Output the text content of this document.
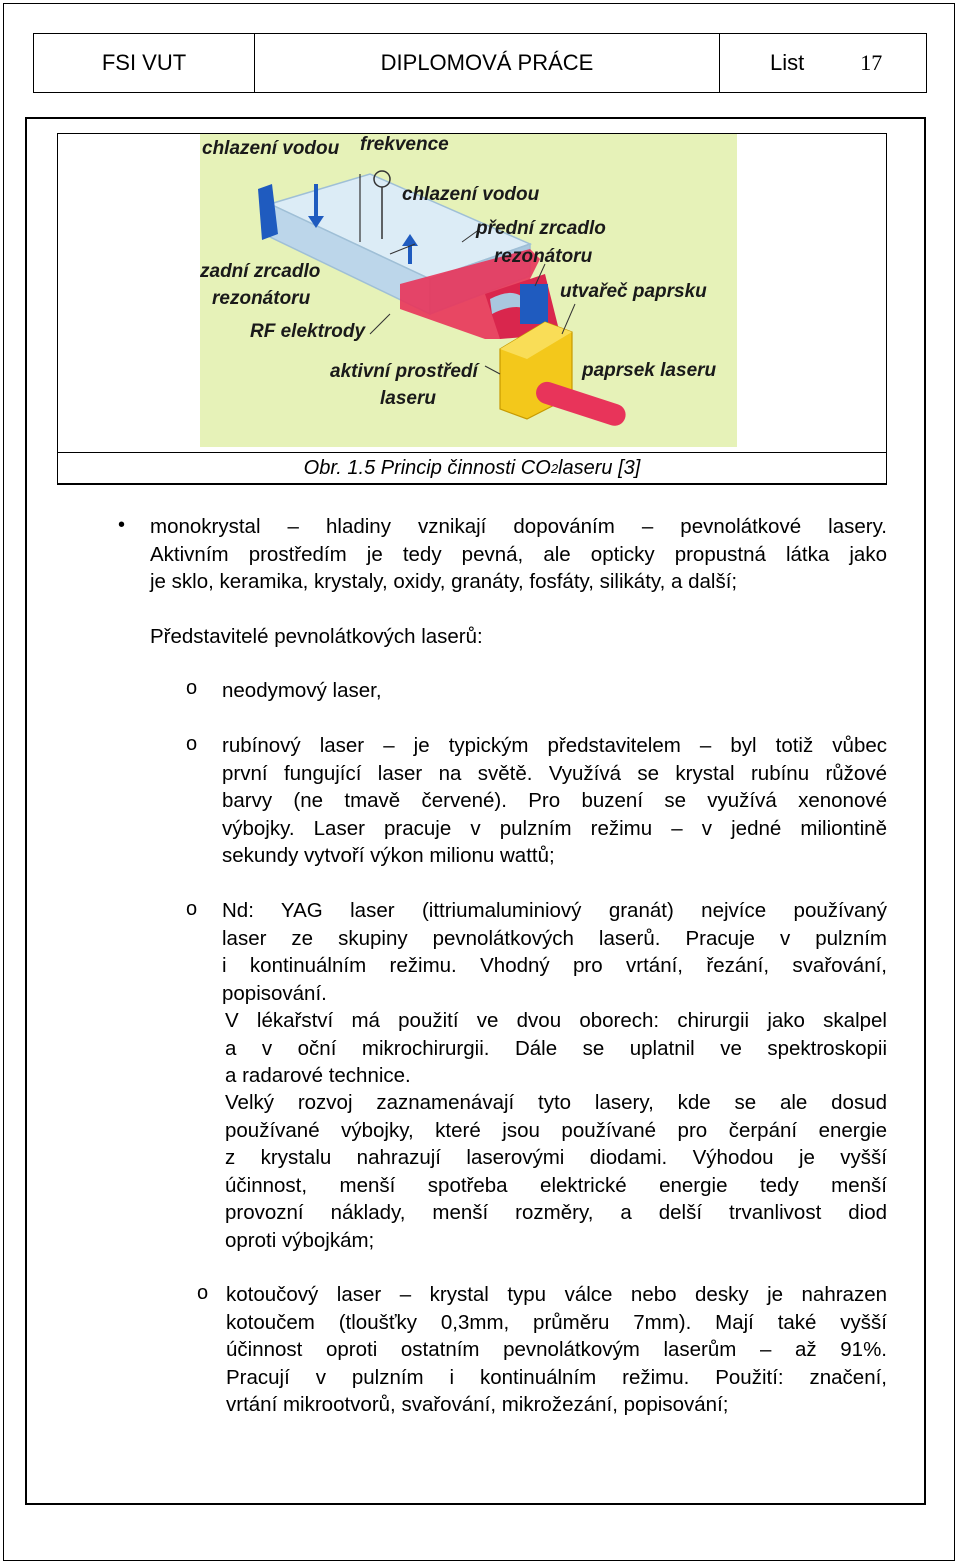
FSI VUT	DIPLOMOVÁ PRÁCE	List	17
chlazení vodou frekvence
chlazení vodou
přední zrcadlo
rezonátoru
zadní zrcadlo
rezonátoru	utvařeč paprsku
RF elektrody
aktivní prostředí
laseru
paprsek laseru
Obr. 1.5 Princip činnosti CO 2 laseru [3]
• monokrystal – hladiny vznikají dopováním – pevnolátkové lasery.
Aktivním prostředím je tedy pevná, ale opticky propustná látka jako
je sklo, keramika, krystaly, oxidy, granáty, fosfáty, silikáty, a další;
Představitelé pevnolátkových laserů:
o neodymový laser,
o rubínový laser – je typickým představitelem – byl totiž vůbec
první fungující laser na světě. Využívá se krystal rubínu růžové
barvy (ne tmavě červené). Pro buzení se využívá xenonové
výbojky. Laser pracuje v pulzním režimu – v jedné miliontině
sekundy vytvoří výkon milionu wattů;
o Nd: YAG laser (ittriumaluminiový granát) nejvíce používaný
laser ze skupiny pevnolátkových laserů. Pracuje v pulzním
i kontinuálním režimu. Vhodný pro vrtání, řezání, svařování,
popisování.
V lékařství má použití ve dvou oborech: chirurgii jako skalpel
a v oční mikrochirurgii. Dále se uplatnil ve spektroskopii
a radarové technice.
Velký rozvoj zaznamenávají tyto lasery, kde se ale dosud
používané výbojky, které jsou používané pro čerpání energie
z krystalu nahrazují laserovými diodami. Výhodou je vyšší
účinnost, menší spotřeba elektrické energie tedy menší
provozní náklady, menší rozměry, a delší trvanlivost diod
oproti výbojkám;
o kotoučový laser – krystal typu válce nebo desky je nahrazen
kotoučem (tloušťky 0,3mm, průměru 7mm). Mají také vyšší
účinnost oproti ostatním pevnolátkovým laserům – až 91%.
Pracují v pulzním i kontinuálním režimu. Použití: značení,
vrtání mikrootvorů, svařování, mikrožezání, popisování;
